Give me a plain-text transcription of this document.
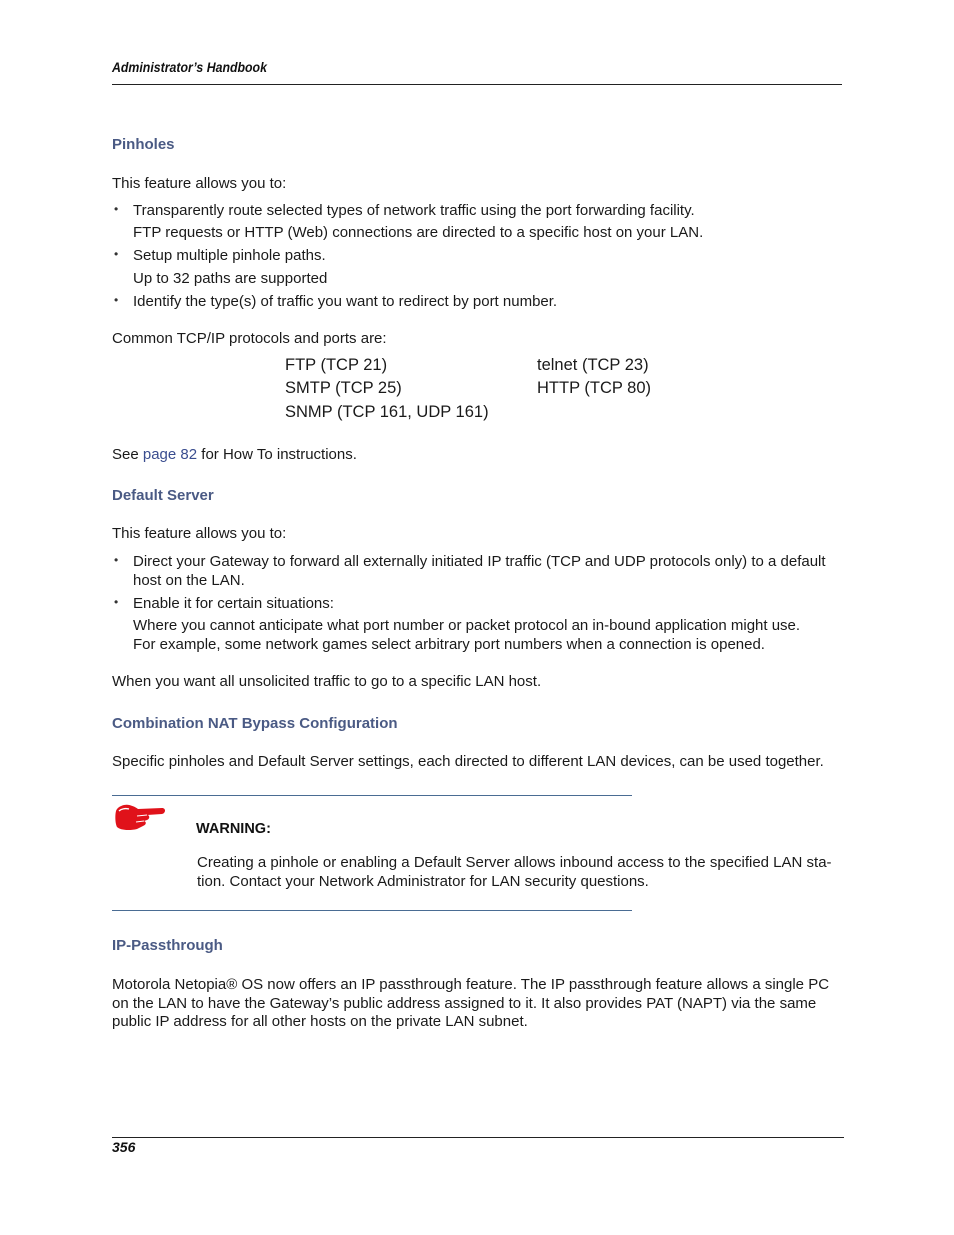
Administrator’s Handbook
Pinholes
This feature allows you to:
• Transparently route selected types of network traffic using the port forwarding facility.
FTP requests or HTTP (Web) connections are directed to a specific host on your LAN.
• Setup multiple pinhole paths.
Up to 32 paths are supported
• Identify the type(s) of traffic you want to redirect by port number.
Common TCP/IP protocols and ports are:
FTP (TCP 21)	telnet (TCP 23)
SMTP (TCP 25)	HTTP (TCP 80)
SNMP (TCP 161, UDP 161)
See page 82 for How To instructions.
Default Server
This feature allows you to:
• Direct your Gateway to forward all externally initiated IP traffic (TCP and UDP protocols only) to a default
host on the LAN.
• Enable it for certain situations:
Where you cannot anticipate what port number or packet protocol an in-bound application might use.
For example, some network games select arbitrary port numbers when a connection is opened.
When you want all unsolicited traffic to go to a specific LAN host.
Combination NAT Bypass Configuration
Specific pinholes and Default Server settings, each directed to different LAN devices, can be used together.
WARNING:
Creating a pinhole or enabling a Default Server allows inbound access to the specified LAN sta-
tion. Contact your Network Administrator for LAN security questions.
IP-Passthrough
Motorola Netopia® OS now offers an IP passthrough feature. The IP passthrough feature allows a single PC
on the LAN to have the Gateway’s public address assigned to it. It also provides PAT (NAPT) via the same
public IP address for all other hosts on the private LAN subnet.
356
